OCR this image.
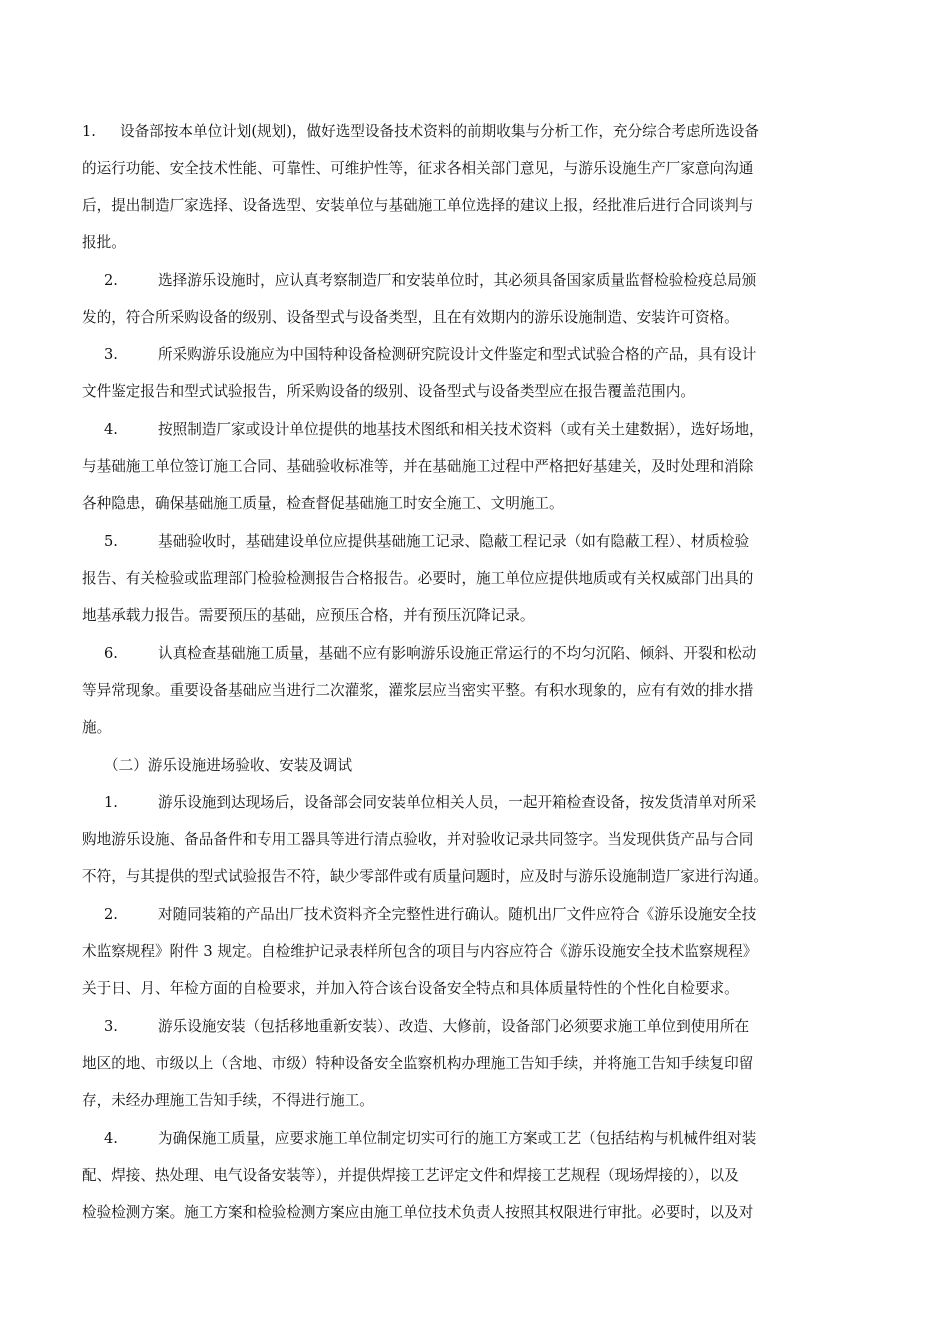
1. 设备部按本单位计划(规划)，做好选型设备技术资料的前期收集与分析工作，充分综合考虑所选设备
的运行功能、安全技术性能、可靠性、可维护性等，征求各相关部门意见，与游乐设施生产厂家意向沟通
后，提出制造厂家选择、设备选型、安装单位与基础施工单位选择的建议上报，经批准后进行合同谈判与
报批。
2.	选择游乐设施时，应认真考察制造厂和安装单位时，其必须具备国家质量监督检验检疫总局颁
发的，符合所采购设备的级别、设备型式与设备类型，且在有效期内的游乐设施制造、安装许可资格。
3.	所采购游乐设施应为中国特种设备检测研究院设计文件鉴定和型式试验合格的产品，具有设计
文件鉴定报告和型式试验报告，所采购设备的级别、设备型式与设备类型应在报告覆盖范围内。
4.	按照制造厂家或设计单位提供的地基技术图纸和相关技术资料（或有关土建数据），选好场地，
与基础施工单位签订施工合同、基础验收标准等，并在基础施工过程中严格把好基建关，及时处理和消除
各种隐患，确保基础施工质量，检查督促基础施工时安全施工、文明施工。
5.	基础验收时，基础建设单位应提供基础施工记录、隐蔽工程记录（如有隐蔽工程）、材质检验
报告、有关检验或监理部门检验检测报告合格报告。必要时，施工单位应提供地质或有关权威部门出具的
地基承载力报告。需要预压的基础，应预压合格，并有预压沉降记录。
6.	认真检查基础施工质量，基础不应有影响游乐设施正常运行的不均匀沉陷、倾斜、开裂和松动
等异常现象。重要设备基础应当进行二次灌浆，灌浆层应当密实平整。有积水现象的，应有有效的排水措
施。
（二）游乐设施进场验收、安装及调试
1.	游乐设施到达现场后，设备部会同安装单位相关人员，一起开箱检查设备，按发货清单对所采
购地游乐设施、备品备件和专用工器具等进行清点验收，并对验收记录共同签字。当发现供货产品与合同
不符，与其提供的型式试验报告不符，缺少零部件或有质量问题时，应及时与游乐设施制造厂家进行沟通。
2.	对随同装箱的产品出厂技术资料齐全完整性进行确认。随机出厂文件应符合《游乐设施安全技
术监察规程》附件 3 规定。自检维护记录表样所包含的项目与内容应符合《游乐设施安全技术监察规程》
关于日、月、年检方面的自检要求，并加入符合该台设备安全特点和具体质量特性的个性化自检要求。
3.	游乐设施安装（包括移地重新安装）、改造、大修前，设备部门必须要求施工单位到使用所在
地区的地、市级以上（含地、市级）特种设备安全监察机构办理施工告知手续，并将施工告知手续复印留
存，未经办理施工告知手续，不得进行施工。
4.	为确保施工质量，应要求施工单位制定切实可行的施工方案或工艺（包括结构与机械件组对装
配、焊接、热处理、电气设备安装等），并提供焊接工艺评定文件和焊接工艺规程（现场焊接的），以及
检验检测方案。施工方案和检验检测方案应由施工单位技术负责人按照其权限进行审批。必要时，以及对
